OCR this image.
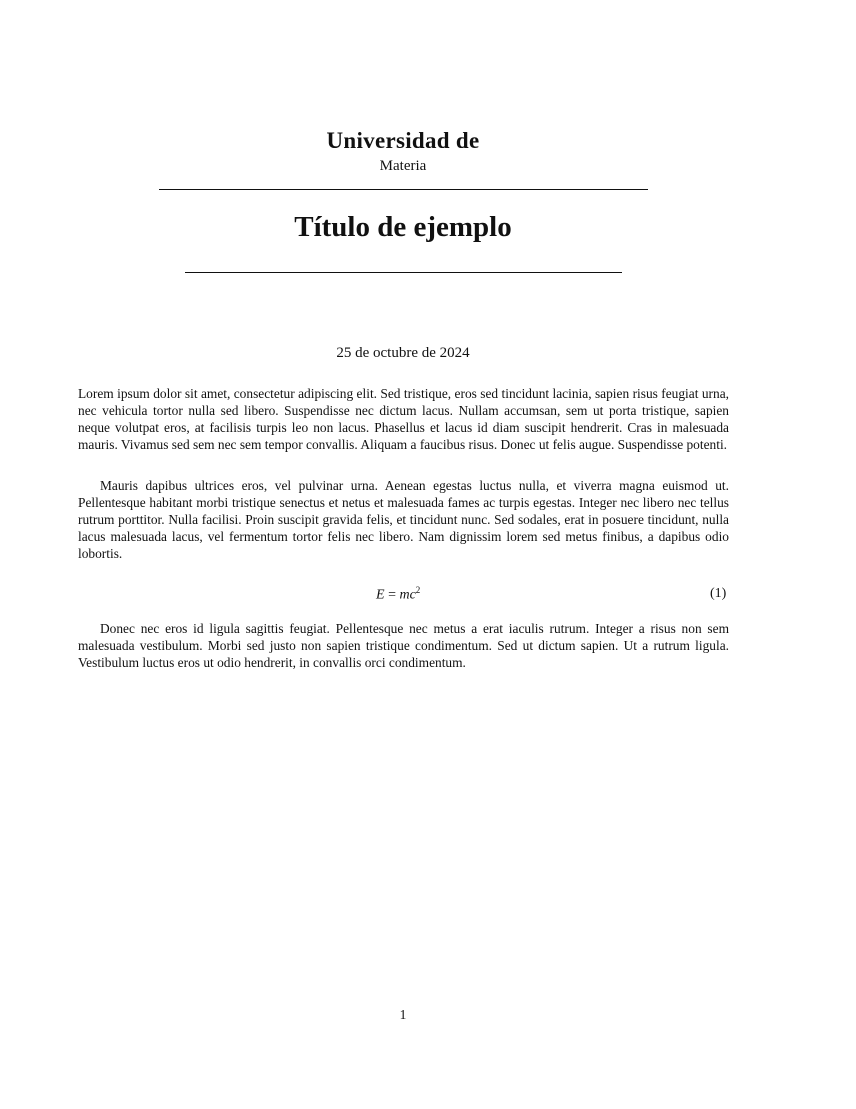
Universidad de
Materia
Título de ejemplo
25 de octubre de 2024

Lorem ipsum dolor sit amet, consectetur adipiscing elit. Sed tristique, eros sed tincidunt lacinia, sapien risus feugiat urna, nec vehicula tortor nulla sed libero. Suspendisse nec dictum lacus. Nullam accumsan, sem ut porta tristique, sapien neque volutpat eros, at facilisis turpis leo non lacus. Phasellus et lacus id diam suscipit hendrerit. Cras in malesuada mauris. Vivamus sed sem nec sem tempor convallis. Aliquam a faucibus risus. Donec ut felis augue. Suspendisse potenti.

Mauris dapibus ultrices eros, vel pulvinar urna. Aenean egestas luctus nulla, et viverra magna euismod ut. Pellentesque habitant morbi tristique senectus et netus et malesuada fames ac turpis egestas. Integer nec libero nec tellus rutrum porttitor. Nulla facilisi. Proin suscipit gravida felis, et tincidunt nunc. Sed sodales, erat in posuere tincidunt, nulla lacus malesuada lacus, vel fermentum tortor felis nec libero. Nam dignissim lorem sed metus finibus, a dapibus odio lobortis.

$E = mc^2$	(1)

Donec nec eros id ligula sagittis feugiat. Pellentesque nec metus a erat iaculis rutrum. Integer a risus non sem malesuada vestibulum. Morbi sed justo non sapien tristique condimentum. Sed ut dictum sapien. Ut a rutrum ligula. Vestibulum luctus eros ut odio hendrerit, in convallis orci condimentum.

1
